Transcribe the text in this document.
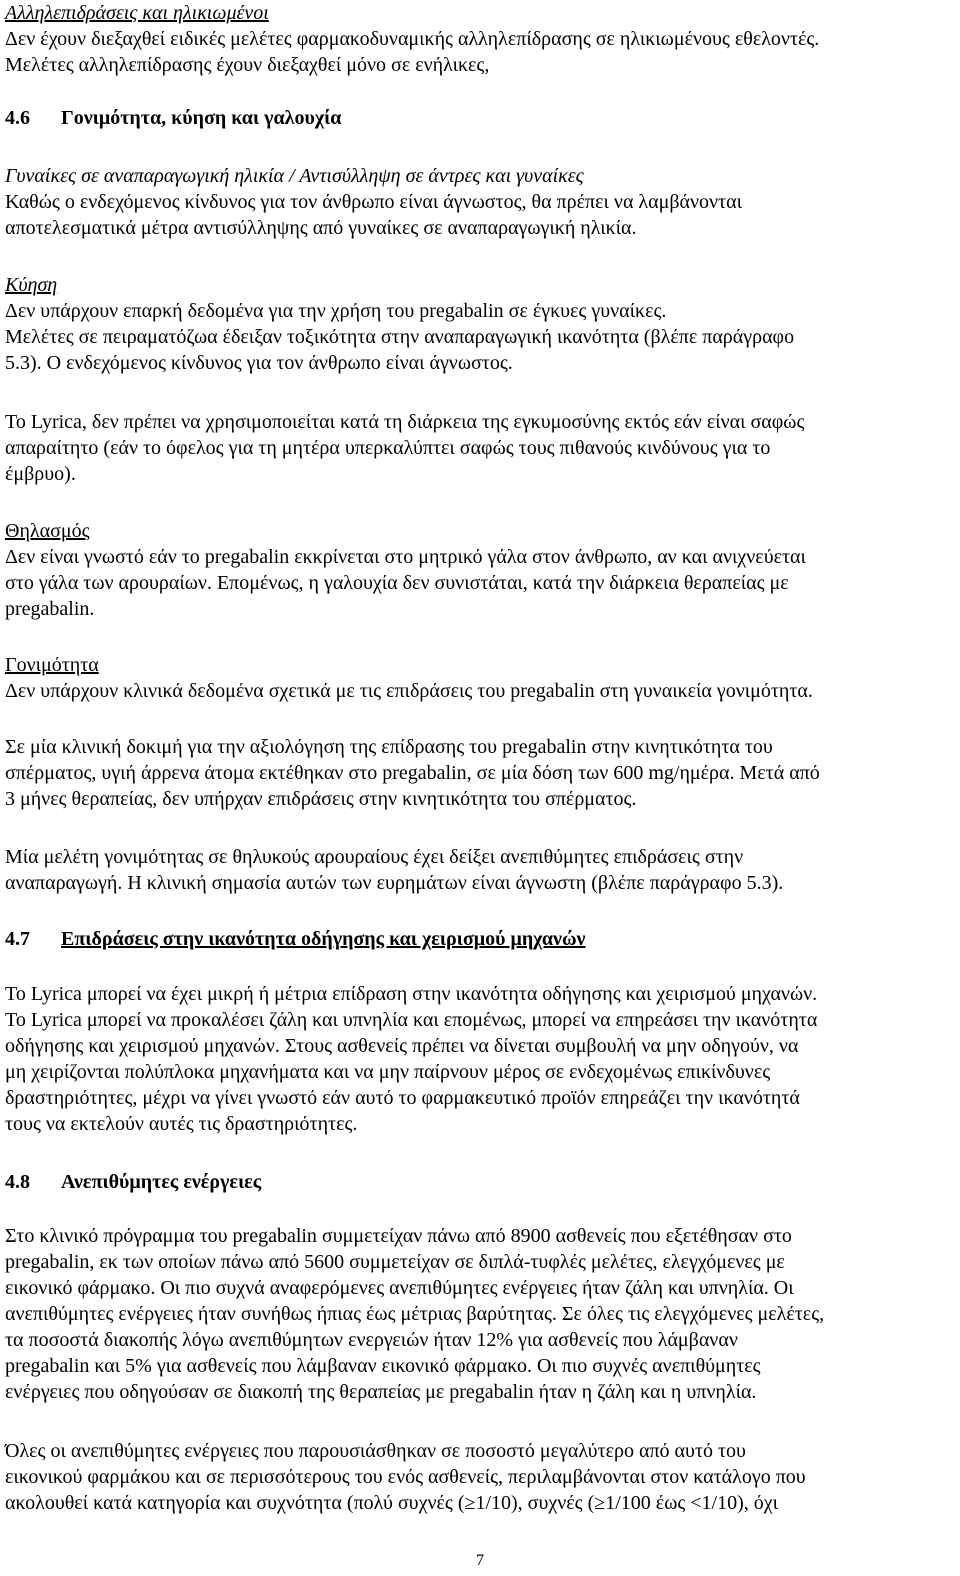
Αλληλεπιδράσεις και ηλικιωμένοι
Δεν έχουν διεξαχθεί ειδικές μελέτες φαρμακοδυναμικής αλληλεπίδρασης σε ηλικιωμένους εθελοντές.
Μελέτες αλληλεπίδρασης έχουν διεξαχθεί μόνο σε ενήλικες,
4.6 Γονιμότητα, κύηση και γαλουχία
Γυναίκες σε αναπαραγωγική ηλικία / Αντισύλληψη σε άντρες και γυναίκες
Καθώς ο ενδεχόμενος κίνδυνος για τον άνθρωπο είναι άγνωστος, θα πρέπει να λαμβάνονται
αποτελεσματικά μέτρα αντισύλληψης από γυναίκες σε αναπαραγωγική ηλικία.
Κύηση
Δεν υπάρχουν επαρκή δεδομένα για την χρήση του pregabalin σε έγκυες γυναίκες.
Μελέτες σε πειραματόζωα έδειξαν τοξικότητα στην αναπαραγωγική ικανότητα (βλέπε παράγραφο
5.3). Ο ενδεχόμενος κίνδυνος για τον άνθρωπο είναι άγνωστος.
Το Lyrica, δεν πρέπει να χρησιμοποιείται κατά τη διάρκεια της εγκυμοσύνης εκτός εάν είναι σαφώς
απαραίτητο (εάν το όφελος για τη μητέρα υπερκαλύπτει σαφώς τους πιθανούς κινδύνους για το
έμβρυο).
Θηλασμός
Δεν είναι γνωστό εάν το pregabalin εκκρίνεται στο μητρικό γάλα στον άνθρωπο, αν και ανιχνεύεται
στο γάλα των αρουραίων. Επομένως, η γαλουχία δεν συνιστάται, κατά την διάρκεια θεραπείας με
pregabalin.
Γονιμότητα
Δεν υπάρχουν κλινικά δεδομένα σχετικά με τις επιδράσεις του pregabalin στη γυναικεία γονιμότητα.
Σε μία κλινική δοκιμή για την αξιολόγηση της επίδρασης του pregabalin στην κινητικότητα του
σπέρματος, υγιή άρρενα άτομα εκτέθηκαν στο pregabalin, σε μία δόση των 600 mg/ημέρα. Μετά από
3 μήνες θεραπείας, δεν υπήρχαν επιδράσεις στην κινητικότητα του σπέρματος.
Μία μελέτη γονιμότητας σε θηλυκούς αρουραίους έχει δείξει ανεπιθύμητες επιδράσεις στην
αναπαραγωγή. Η κλινική σημασία αυτών των ευρημάτων είναι άγνωστη (βλέπε παράγραφο 5.3).
4.7 Επιδράσεις στην ικανότητα οδήγησης και χειρισμού μηχανών
Το Lyrica μπορεί να έχει μικρή ή μέτρια επίδραση στην ικανότητα οδήγησης και χειρισμού μηχανών.
Το Lyrica μπορεί να προκαλέσει ζάλη και υπνηλία και επομένως, μπορεί να επηρεάσει την ικανότητα
οδήγησης και χειρισμού μηχανών. Στους ασθενείς πρέπει να δίνεται συμβουλή να μην οδηγούν, να
μη χειρίζονται πολύπλοκα μηχανήματα και να μην παίρνουν μέρος σε ενδεχομένως επικίνδυνες
δραστηριότητες, μέχρι να γίνει γνωστό εάν αυτό το φαρμακευτικό προϊόν επηρεάζει την ικανότητά
τους να εκτελούν αυτές τις δραστηριότητες.
4.8 Ανεπιθύμητες ενέργειες
Στο κλινικό πρόγραμμα του pregabalin συμμετείχαν πάνω από 8900 ασθενείς που εξετέθησαν στο
pregabalin, εκ των οποίων πάνω από 5600 συμμετείχαν σε διπλά-τυφλές μελέτες, ελεγχόμενες με
εικονικό φάρμακο. Οι πιο συχνά αναφερόμενες ανεπιθύμητες ενέργειες ήταν ζάλη και υπνηλία. Οι
ανεπιθύμητες ενέργειες ήταν συνήθως ήπιας έως μέτριας βαρύτητας. Σε όλες τις ελεγχόμενες μελέτες,
τα ποσοστά διακοπής λόγω ανεπιθύμητων ενεργειών ήταν 12% για ασθενείς που λάμβαναν
pregabalin και 5% για ασθενείς που λάμβαναν εικονικό φάρμακο. Οι πιο συχνές ανεπιθύμητες
ενέργειες που οδηγούσαν σε διακοπή της θεραπείας με pregabalin ήταν η ζάλη και η υπνηλία.
Όλες οι ανεπιθύμητες ενέργειες που παρουσιάσθηκαν σε ποσοστό μεγαλύτερο από αυτό του
εικονικού φαρμάκου και σε περισσότερους του ενός ασθενείς, περιλαμβάνονται στον κατάλογο που
ακολουθεί κατά κατηγορία και συχνότητα (πολύ συχνές (≥1/10), συχνές (≥1/100 έως <1/10), όχι
7
